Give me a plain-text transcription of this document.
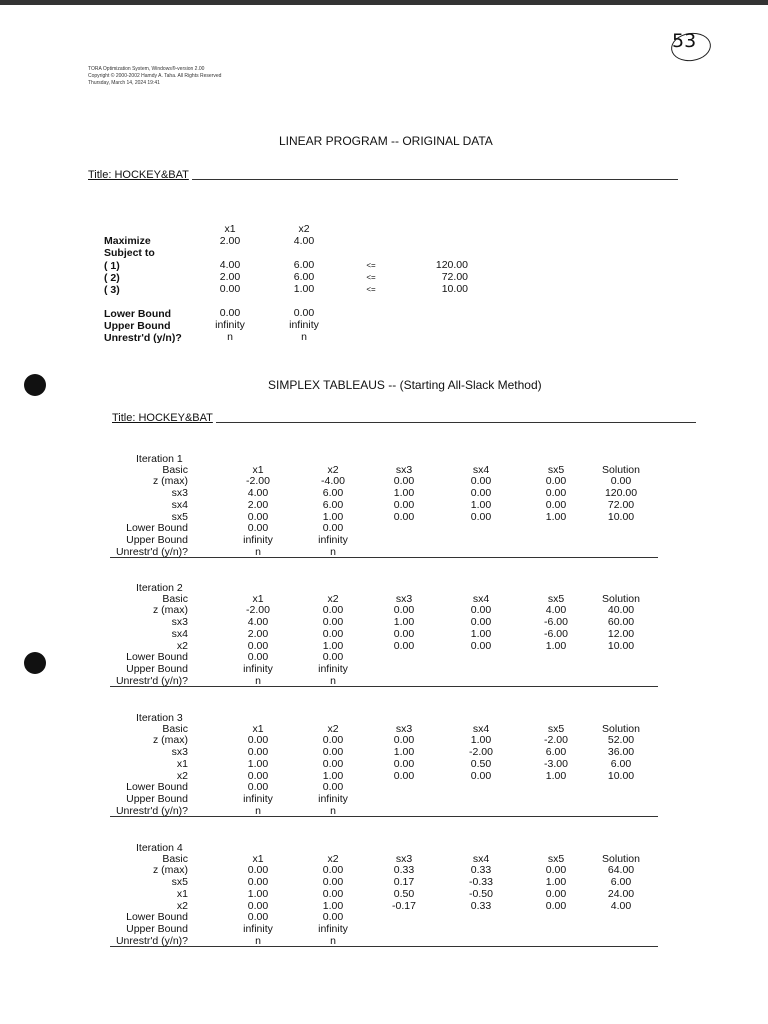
53
TORA Optimization System, Windows®-version 2.00
Copyright © 2000-2002 Hamdy A. Taha. All Rights Reserved
Thursday, March 14, 2024 19:41
LINEAR PROGRAM -- ORIGINAL DATA
Title: HOCKEY&BAT
SIMPLEX TABLEAUS -- (Starting All-Slack Method)
Title: HOCKEY&BAT
x1	x2
Maximize	2.00	4.00
Subject to
( 1)	4.00	6.00	<=	120.00
( 2)	2.00	6.00	<=	72.00
( 3)	0.00	1.00	<=	10.00
Lower Bound	0.00	0.00
Upper Bound	infinity	infinity
Unrestr'd (y/n)?	n	n
Iteration 1
Basic	x1	x2	sx3	sx4	sx5	Solution
z (max)	-2.00	-4.00	0.00	0.00	0.00	0.00
sx3	4.00	6.00	1.00	0.00	0.00	120.00
sx4	2.00	6.00	0.00	1.00	0.00	72.00
sx5	0.00	1.00	0.00	0.00	1.00	10.00
Lower Bound	0.00	0.00
Upper Bound	infinity	infinity
Unrestr'd (y/n)?	n	n
Iteration 2
Basic	x1	x2	sx3	sx4	sx5	Solution
z (max)	-2.00	0.00	0.00	0.00	4.00	40.00
sx3	4.00	0.00	1.00	0.00	-6.00	60.00
sx4	2.00	0.00	0.00	1.00	-6.00	12.00
x2	0.00	1.00	0.00	0.00	1.00	10.00
Lower Bound	0.00	0.00
Upper Bound	infinity	infinity
Unrestr'd (y/n)?	n	n
Iteration 3
Basic	x1	x2	sx3	sx4	sx5	Solution
z (max)	0.00	0.00	0.00	1.00	-2.00	52.00
sx3	0.00	0.00	1.00	-2.00	6.00	36.00
x1	1.00	0.00	0.00	0.50	-3.00	6.00
x2	0.00	1.00	0.00	0.00	1.00	10.00
Lower Bound	0.00	0.00
Upper Bound	infinity	infinity
Unrestr'd (y/n)?	n	n
Iteration 4
Basic	x1	x2	sx3	sx4	sx5	Solution
z (max)	0.00	0.00	0.33	0.33	0.00	64.00
sx5	0.00	0.00	0.17	-0.33	1.00	6.00
x1	1.00	0.00	0.50	-0.50	0.00	24.00
x2	0.00	1.00	-0.17	0.33	0.00	4.00
Lower Bound	0.00	0.00
Upper Bound	infinity	infinity
Unrestr'd (y/n)?	n	n
